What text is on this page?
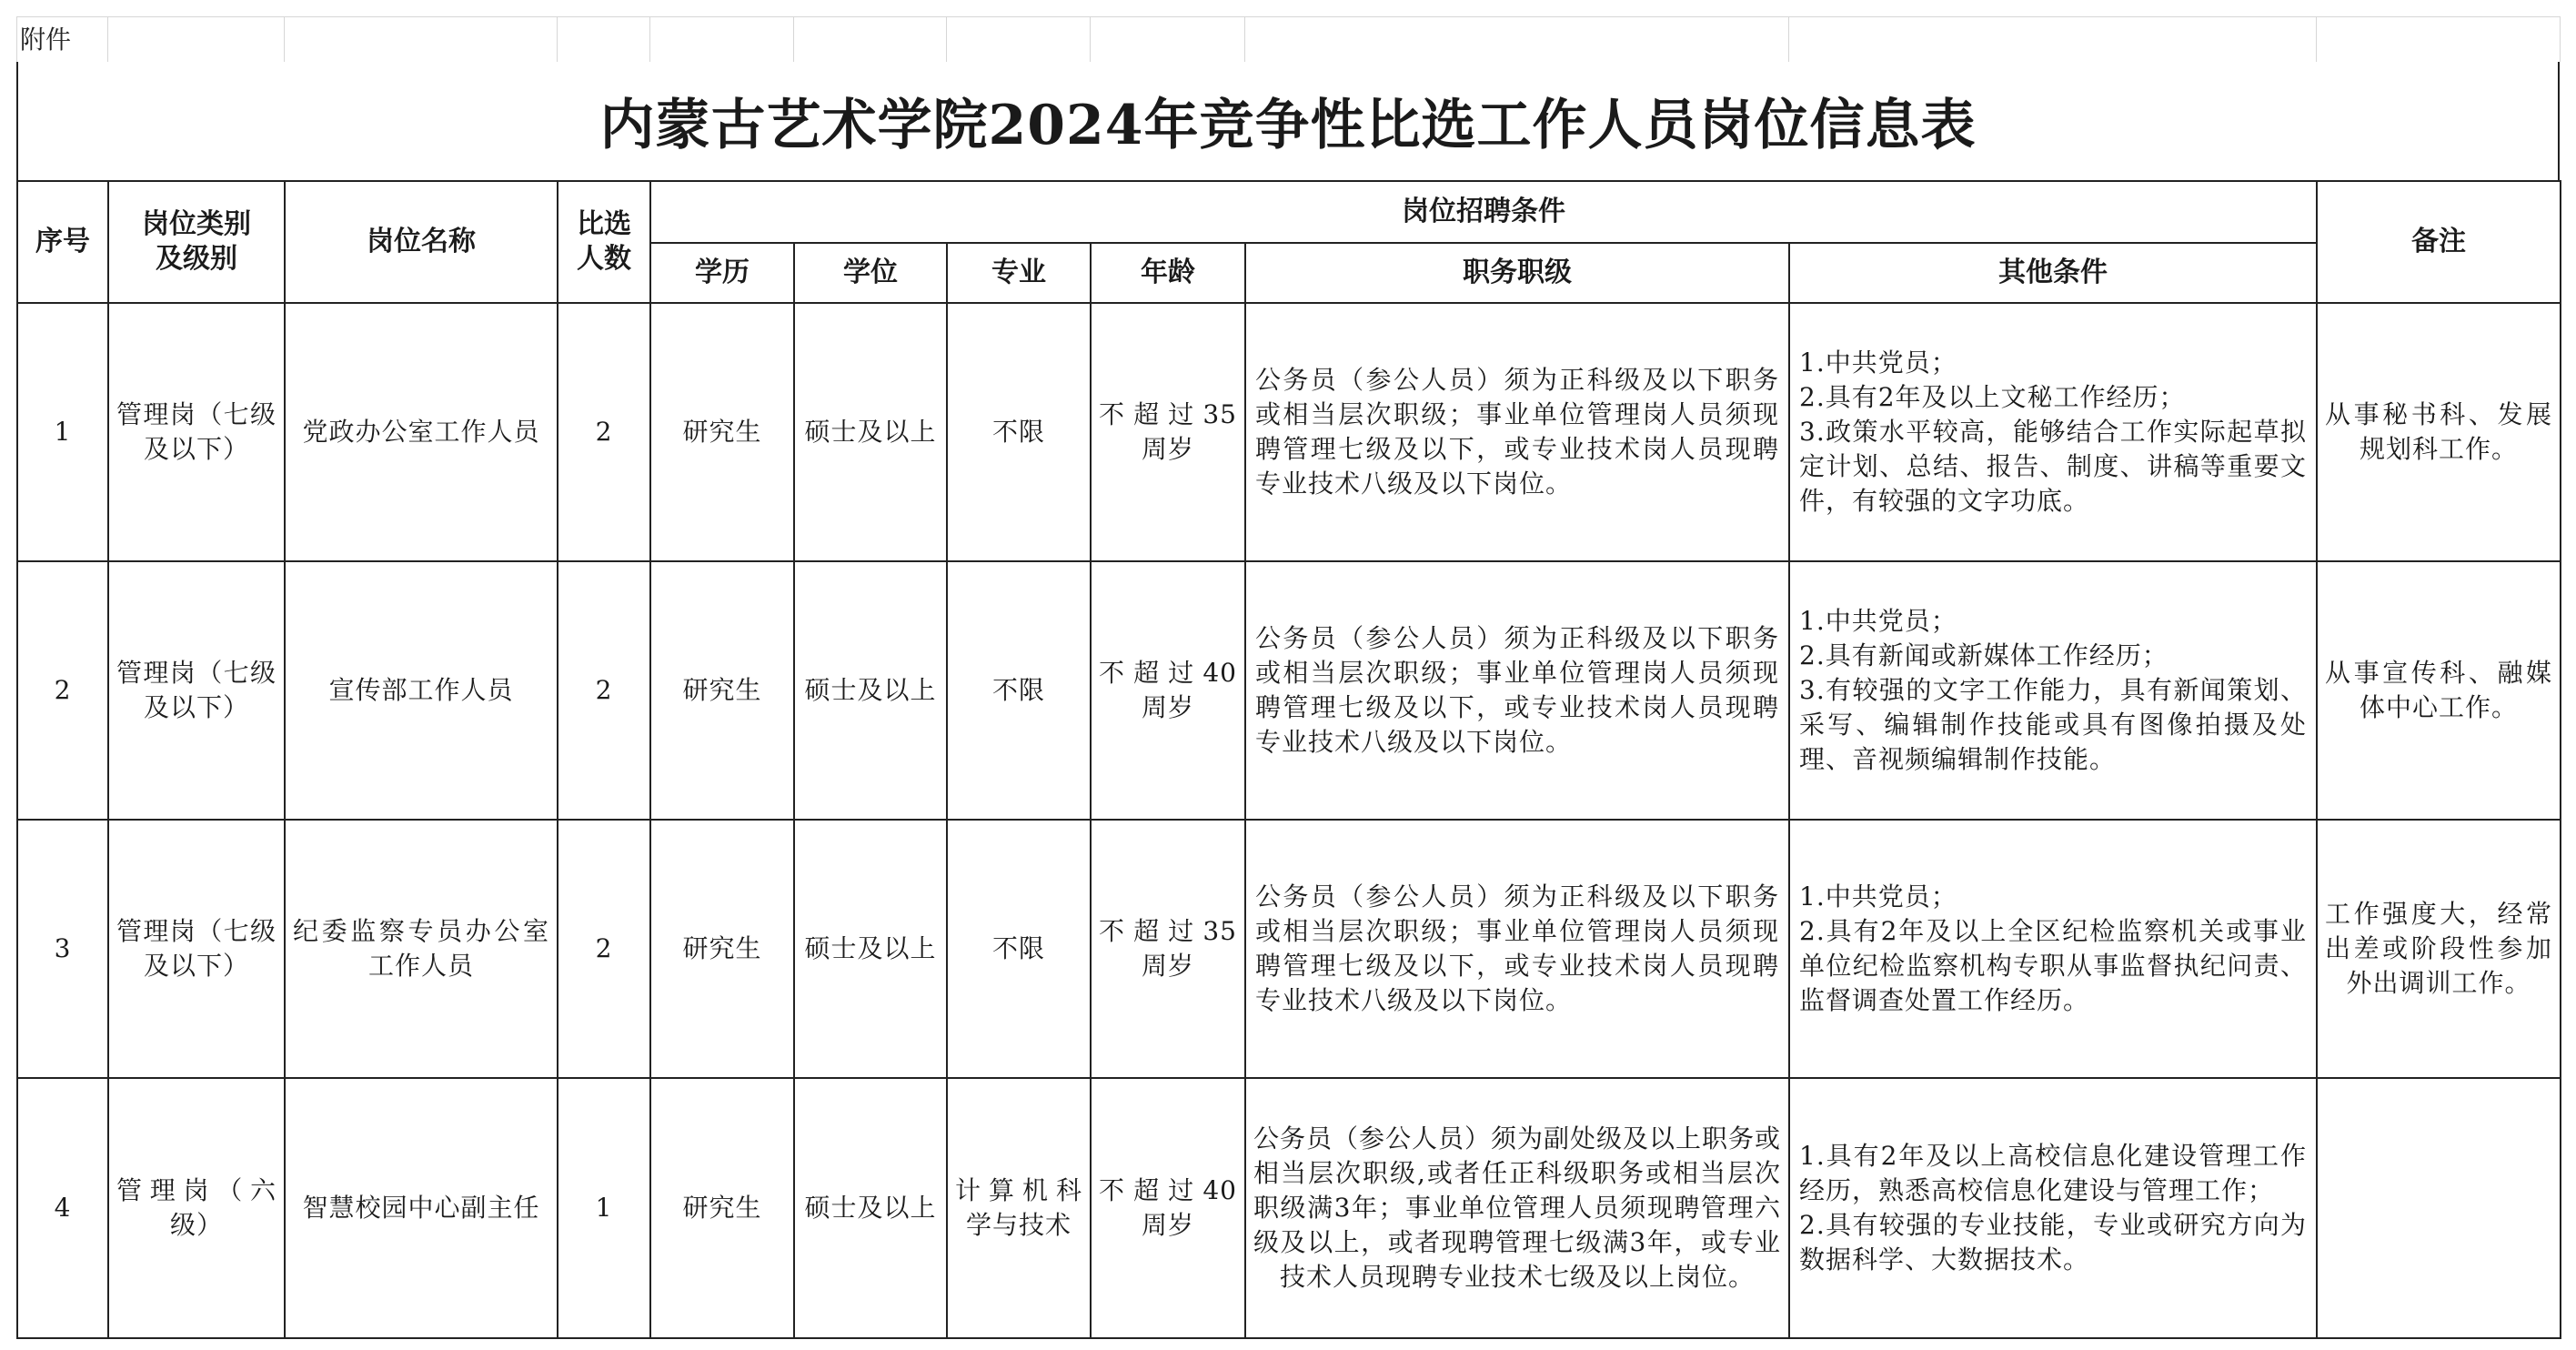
附件
内蒙古艺术学院2024年竞争性比选工作人员岗位信息表
序号	岗位类别及级别	岗位名称	比选人数	岗位招聘条件						备注
				学历	学位	专业	年龄	职务职级	其他条件	
1	管理岗（七级及以下）	党政办公室工作人员	2	研究生	硕士及以上	不限	不超过35周岁	公务员（参公人员）须为正科级及以下职务或相当层次职级；事业单位管理岗人员须现聘管理七级及以下，或专业技术岗人员现聘专业技术八级及以下岗位。	1.中共党员；
2.具有2年及以上文秘工作经历；
3.政策水平较高，能够结合工作实际起草拟定计划、总结、报告、制度、讲稿等重要文件，有较强的文字功底。	从事秘书科、发展规划科工作。
2	管理岗（七级及以下）	宣传部工作人员	2	研究生	硕士及以上	不限	不超过40周岁	公务员（参公人员）须为正科级及以下职务或相当层次职级；事业单位管理岗人员须现聘管理七级及以下，或专业技术岗人员现聘专业技术八级及以下岗位。	1.中共党员；
2.具有新闻或新媒体工作经历；
3.有较强的文字工作能力，具有新闻策划、采写、编辑制作技能或具有图像拍摄及处理、音视频编辑制作技能。	从事宣传科、融媒体中心工作。
3	管理岗（七级及以下）	纪委监察专员办公室工作人员	2	研究生	硕士及以上	不限	不超过35周岁	公务员（参公人员）须为正科级及以下职务或相当层次职级；事业单位管理岗人员须现聘管理七级及以下，或专业技术岗人员现聘专业技术八级及以下岗位。	1.中共党员；
2.具有2年及以上全区纪检监察机关或事业单位纪检监察机构专职从事监督执纪问责、监督调查处置工作经历。	工作强度大，经常出差或阶段性参加外出调训工作。
4	管理岗（六级）	智慧校园中心副主任	1	研究生	硕士及以上	计算机科学与技术	不超过40周岁	公务员（参公人员）须为副处级及以上职务或相当层次职级,或者任正科级职务或相当层次职级满3年；事业单位管理人员须现聘管理六级及以上，或者现聘管理七级满3年，或专业技术人员现聘专业技术七级及以上岗位。	1.具有2年及以上高校信息化建设管理工作经历，熟悉高校信息化建设与管理工作；
2.具有较强的专业技能，专业或研究方向为数据科学、大数据技术。	
